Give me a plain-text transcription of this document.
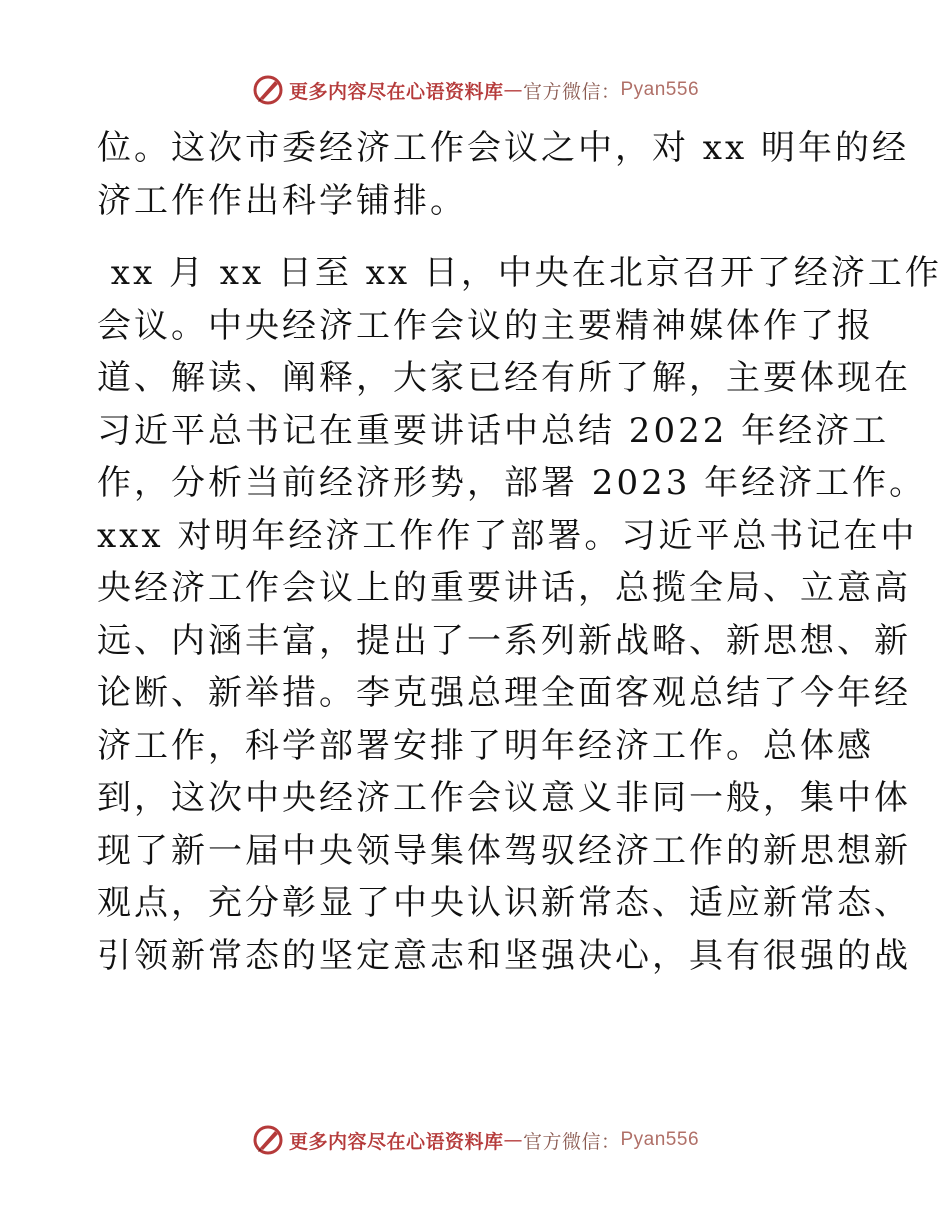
更多内容尽在心语资料库 — 官方微信： Pyan556
位。这次市委经济工作会议之中，对 xx 明年的经
济工作作出科学铺排。
xx 月 xx 日至 xx 日，中央在北京召开了经济工作
会议。中央经济工作会议的主要精神媒体作了报
道、解读、阐释，大家已经有所了解，主要体现在
习近平总书记在重要讲话中总结 2022 年经济工
作，分析当前经济形势，部署 2023 年经济工作。
xxx 对明年经济工作作了部署。习近平总书记在中
央经济工作会议上的重要讲话，总揽全局、立意高
远、内涵丰富，提出了一系列新战略、新思想、新
论断、新举措。李克强总理全面客观总结了今年经
济工作，科学部署安排了明年经济工作。总体感
到，这次中央经济工作会议意义非同一般，集中体
现了新一届中央领导集体驾驭经济工作的新思想新
观点，充分彰显了中央认识新常态、适应新常态、
引领新常态的坚定意志和坚强决心，具有很强的战
更多内容尽在心语资料库 — 官方微信： Pyan556
